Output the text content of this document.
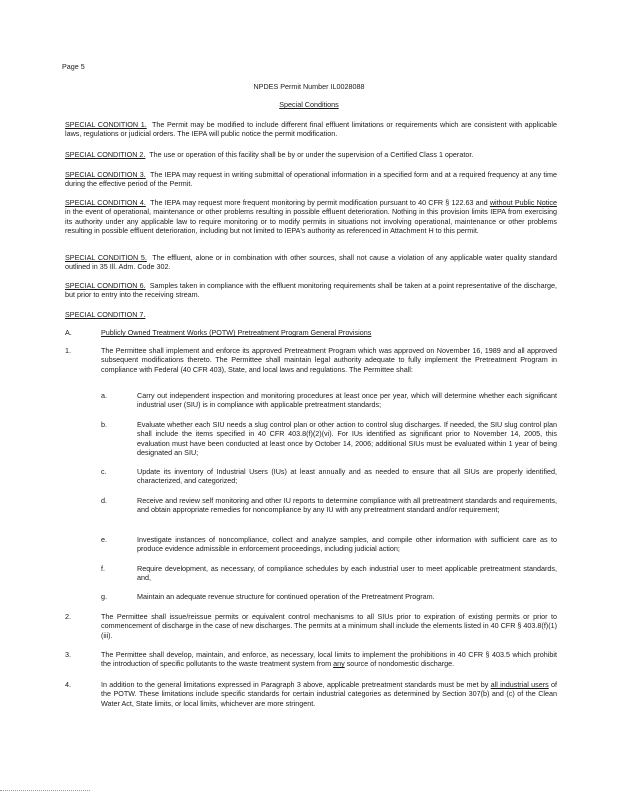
Page 5
NPDES Permit Number IL0028088
Special Conditions
SPECIAL CONDITION 1. The Permit may be modified to include different final effluent limitations or requirements which are consistent with applicable laws, regulations or judicial orders. The IEPA will public notice the permit modification.
SPECIAL CONDITION 2. The use or operation of this facility shall be by or under the supervision of a Certified Class 1 operator.
SPECIAL CONDITION 3. The IEPA may request in writing submittal of operational information in a specified form and at a required frequency at any time during the effective period of the Permit.
SPECIAL CONDITION 4. The IEPA may request more frequent monitoring by permit modification pursuant to 40 CFR § 122.63 and without Public Notice in the event of operational, maintenance or other problems resulting in possible effluent deterioration. Nothing in this provision limits IEPA from exercising its authority under any applicable law to require monitoring or to modify permits in situations not involving operational, maintenance or other problems resulting in possible effluent deterioration, including but not limited to IEPA's authority as referenced in Attachment H to this permit.
SPECIAL CONDITION 5. The effluent, alone or in combination with other sources, shall not cause a violation of any applicable water quality standard outlined in 35 Ill. Adm. Code 302.
SPECIAL CONDITION 6. Samples taken in compliance with the effluent monitoring requirements shall be taken at a point representative of the discharge, but prior to entry into the receiving stream.
SPECIAL CONDITION 7.
A.	Publicly Owned Treatment Works (POTW) Pretreatment Program General Provisions
1.	The Permittee shall implement and enforce its approved Pretreatment Program which was approved on November 16, 1989 and all approved subsequent modifications thereto. The Permittee shall maintain legal authority adequate to fully implement the Pretreatment Program in compliance with Federal (40 CFR 403), State, and local laws and regulations. The Permittee shall:
a.	Carry out independent inspection and monitoring procedures at least once per year, which will determine whether each significant industrial user (SIU) is in compliance with applicable pretreatment standards;
b.	Evaluate whether each SIU needs a slug control plan or other action to control slug discharges. If needed, the SIU slug control plan shall include the items specified in 40 CFR 403.8(f)(2)(vi). For IUs identified as significant prior to November 14, 2005, this evaluation must have been conducted at least once by October 14, 2006; additional SIUs must be evaluated within 1 year of being designated an SIU;
c.	Update its inventory of Industrial Users (IUs) at least annually and as needed to ensure that all SIUs are properly identified, characterized, and categorized;
d.	Receive and review self monitoring and other IU reports to determine compliance with all pretreatment standards and requirements, and obtain appropriate remedies for noncompliance by any IU with any pretreatment standard and/or requirement;
e.	Investigate instances of noncompliance, collect and analyze samples, and compile other information with sufficient care as to produce evidence admissible in enforcement proceedings, including judicial action;
f.	Require development, as necessary, of compliance schedules by each industrial user to meet applicable pretreatment standards, and,
g.	Maintain an adequate revenue structure for continued operation of the Pretreatment Program.
2.	The Permittee shall issue/reissue permits or equivalent control mechanisms to all SIUs prior to expiration of existing permits or prior to commencement of discharge in the case of new discharges. The permits at a minimum shall include the elements listed in 40 CFR § 403.8(f)(1)(iii).
3.	The Permittee shall develop, maintain, and enforce, as necessary, local limits to implement the prohibitions in 40 CFR § 403.5 which prohibit the introduction of specific pollutants to the waste treatment system from any source of nondomestic discharge.
4.	In addition to the general limitations expressed in Paragraph 3 above, applicable pretreatment standards must be met by all industrial users of the POTW. These limitations include specific standards for certain industrial categories as determined by Section 307(b) and (c) of the Clean Water Act, State limits, or local limits, whichever are more stringent.
